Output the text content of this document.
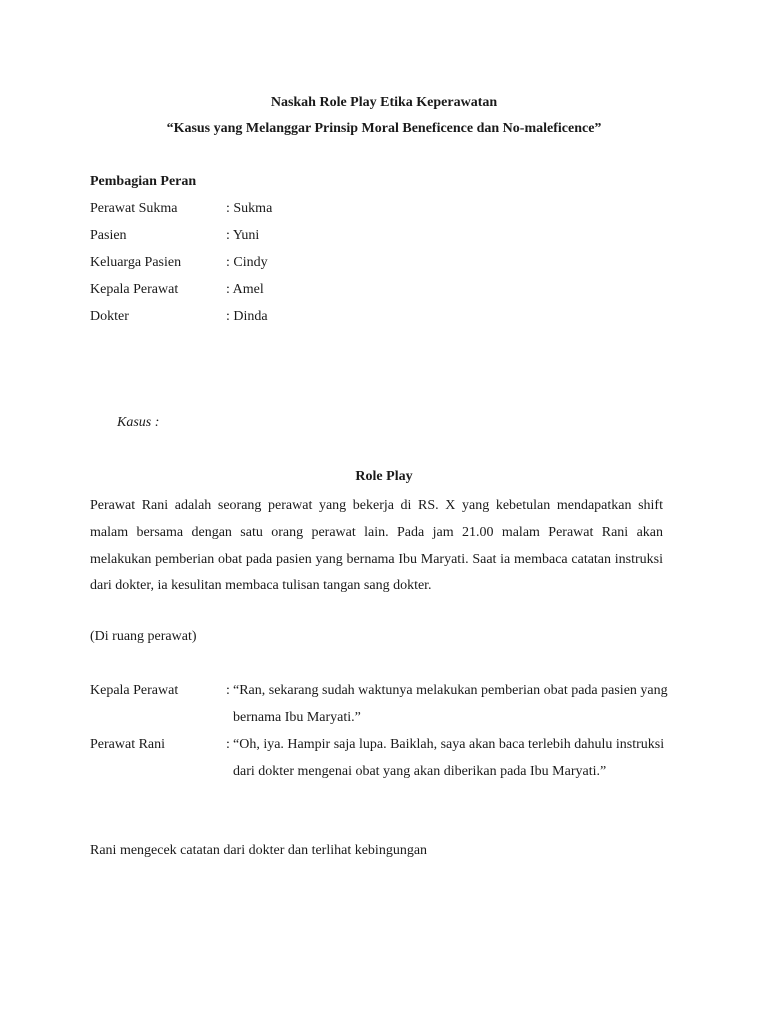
Naskah Role Play Etika Keperawatan
“Kasus yang Melanggar Prinsip Moral Beneficence dan No-maleficence”
Pembagian Peran
Perawat Sukma	: Sukma
Pasien	: Yuni
Keluarga Pasien	: Cindy
Kepala Perawat	: Amel
Dokter	: Dinda
Kasus :
Role Play
Perawat Rani adalah seorang perawat yang bekerja di RS. X yang kebetulan mendapatkan shift malam bersama dengan satu orang perawat lain. Pada jam 21.00 malam Perawat Rani akan melakukan pemberian obat pada pasien yang bernama Ibu Maryati. Saat ia membaca catatan instruksi dari dokter, ia kesulitan membaca tulisan tangan sang dokter.
(Di ruang perawat)
Kepala Perawat	: “Ran, sekarang sudah waktunya melakukan pemberian obat pada pasien yang bernama Ibu Maryati.”
Perawat Rani	: “Oh, iya. Hampir saja lupa. Baiklah, saya akan baca terlebih dahulu instruksi dari dokter mengenai obat yang akan diberikan pada Ibu Maryati.”
Rani mengecek catatan dari dokter dan terlihat kebingungan
